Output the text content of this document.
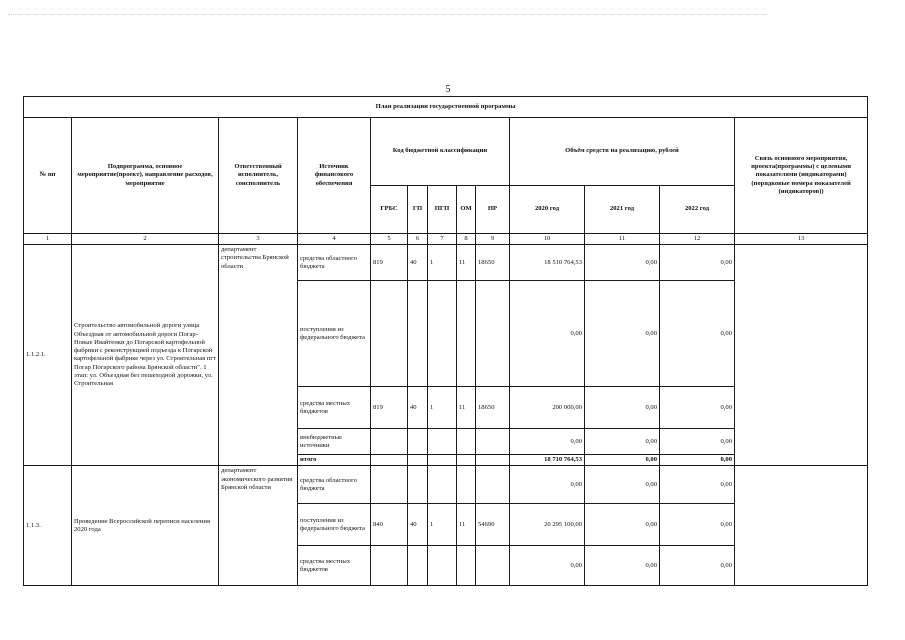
5
План реализации государственной программы												
№ пп	Подпрограмма, основное мероприятие(проект), направление расходов, мероприятие	Ответственный исполнитель, соисполнитель	Источник финансового обеспечения	Код бюджетной классификации					Объём средств на реализацию, рублей			Связь основного мероприятия, проекта(программы) с целевыми показателями (индикаторами) (порядковые номера показателей (индикаторов))
				ГРБС	ГП	ПГП	ОМ	НР	2020 год	2021 год	2022 год	
1	2	3	4	5	6	7	8	9	10	11	12	13
1.1.2.1.	Строительство автомобильной дороги улица Объездная от автомобильной дороги Погар-Новые Ивайтенки до Погарской картофельной фабрики с реконструкцией подъезда к Погарской картофельной фабрике через ул. Строительная пгт Погар Погарского района Брянской области". 1 этап: ул. Объездная без пешеходной дорожки, ул. Строительная	департамент строительства Брянской области	средства областного бюджета	819	40	1	11	18650	18 510 764,53	0,00	0,00	
			поступления из федерального бюджета						0,00	0,00	0,00	
			средства местных бюджетов	819	40	1	11	18650	200 000,00	0,00	0,00	
			внебюджетные источники						0,00	0,00	0,00	
			итого						18 710 764,53	0,00	0,00	
1.1.3.	Проведение Всероссийской переписи населения 2020 года	департамент экономического развития Брянской области	средства областного бюджета						0,00	0,00	0,00	
			поступления из федерального бюджета	840	40	1	11	54690	20 295 100,00	0,00	0,00	
			средства местных бюджетов						0,00	0,00	0,00	
